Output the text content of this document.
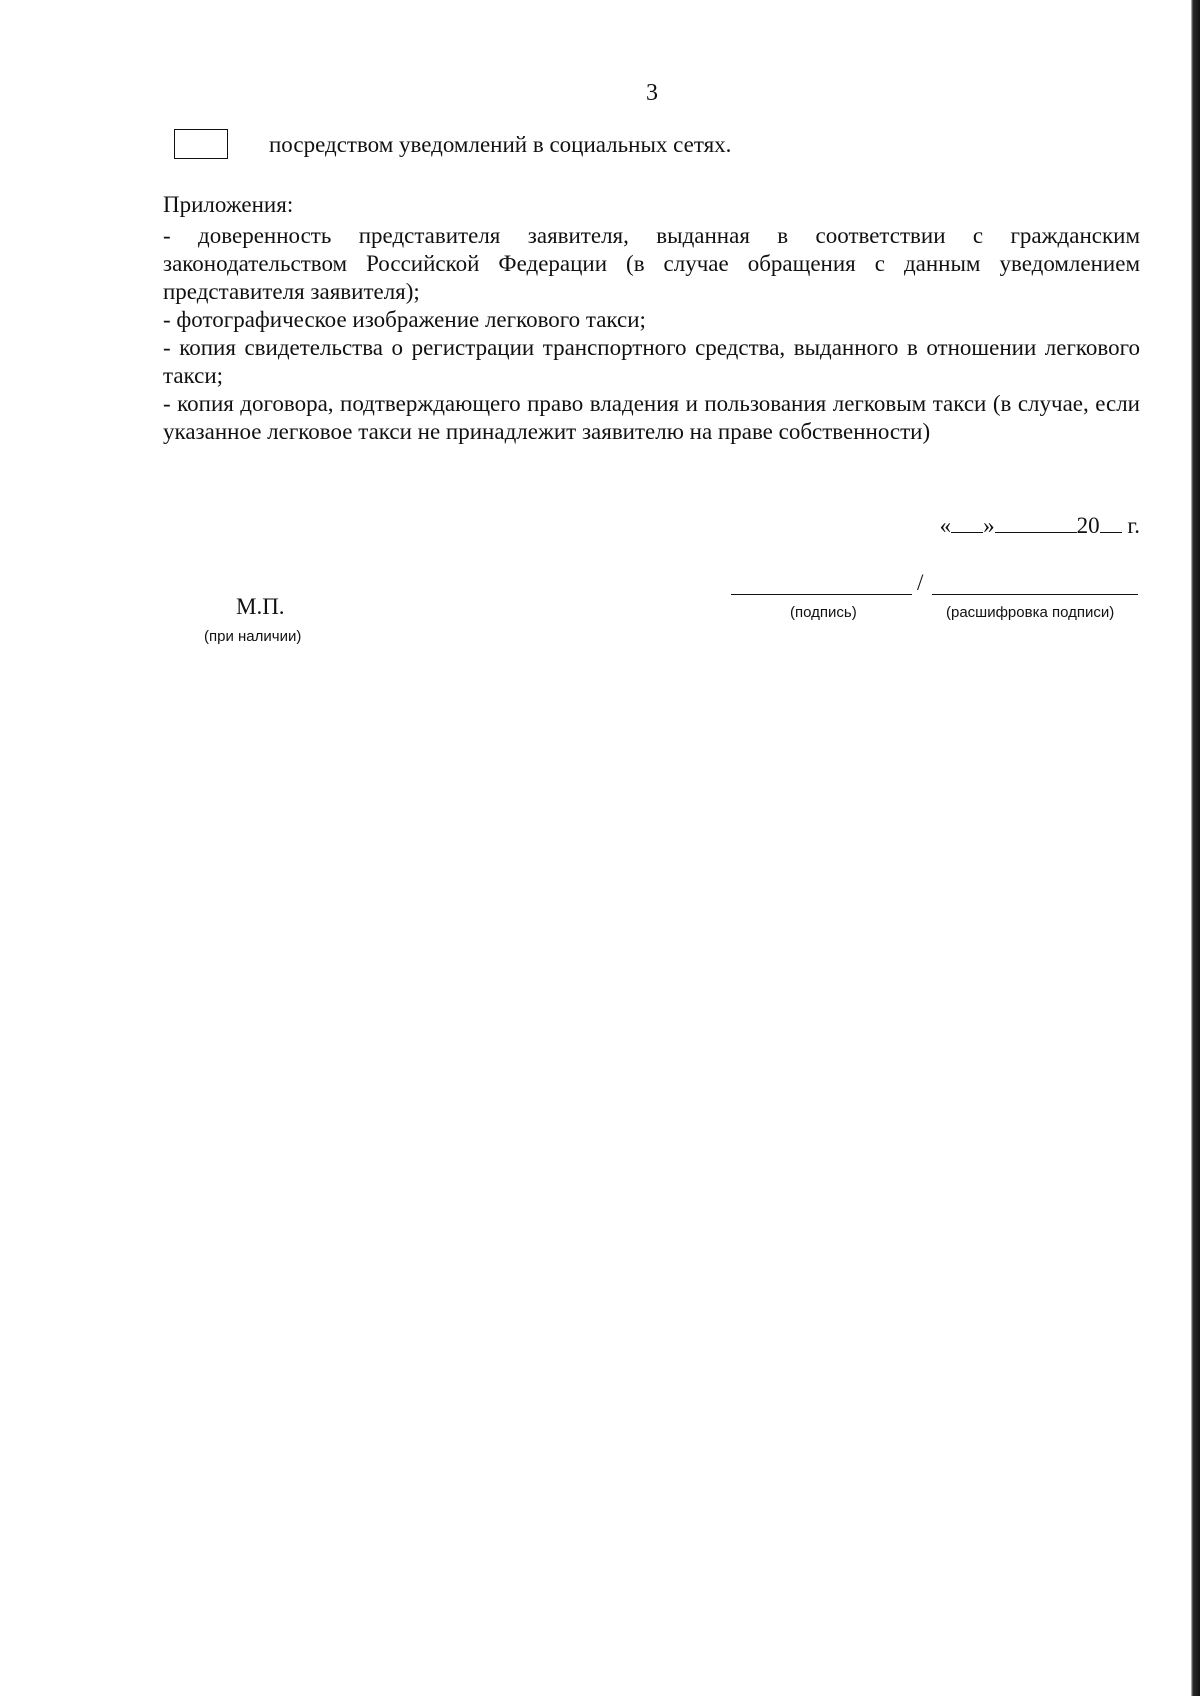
3
посредством уведомлений в социальных сетях.
Приложения:
- доверенность представителя заявителя, выданная в соответствии с гражданским законодательством Российской Федерации (в случае обращения с данным уведомлением представителя заявителя);
- фотографическое изображение легкового такси;
- копия свидетельства о регистрации транспортного средства, выданного в отношении легкового такси;
- копия договора, подтверждающего право владения и пользования легковым такси (в случае, если указанное легковое такси не принадлежит заявителю на праве собственности)
« »	20 г.
/
(подпись)	(расшифровка подписи)
М.П.
(при наличии)
